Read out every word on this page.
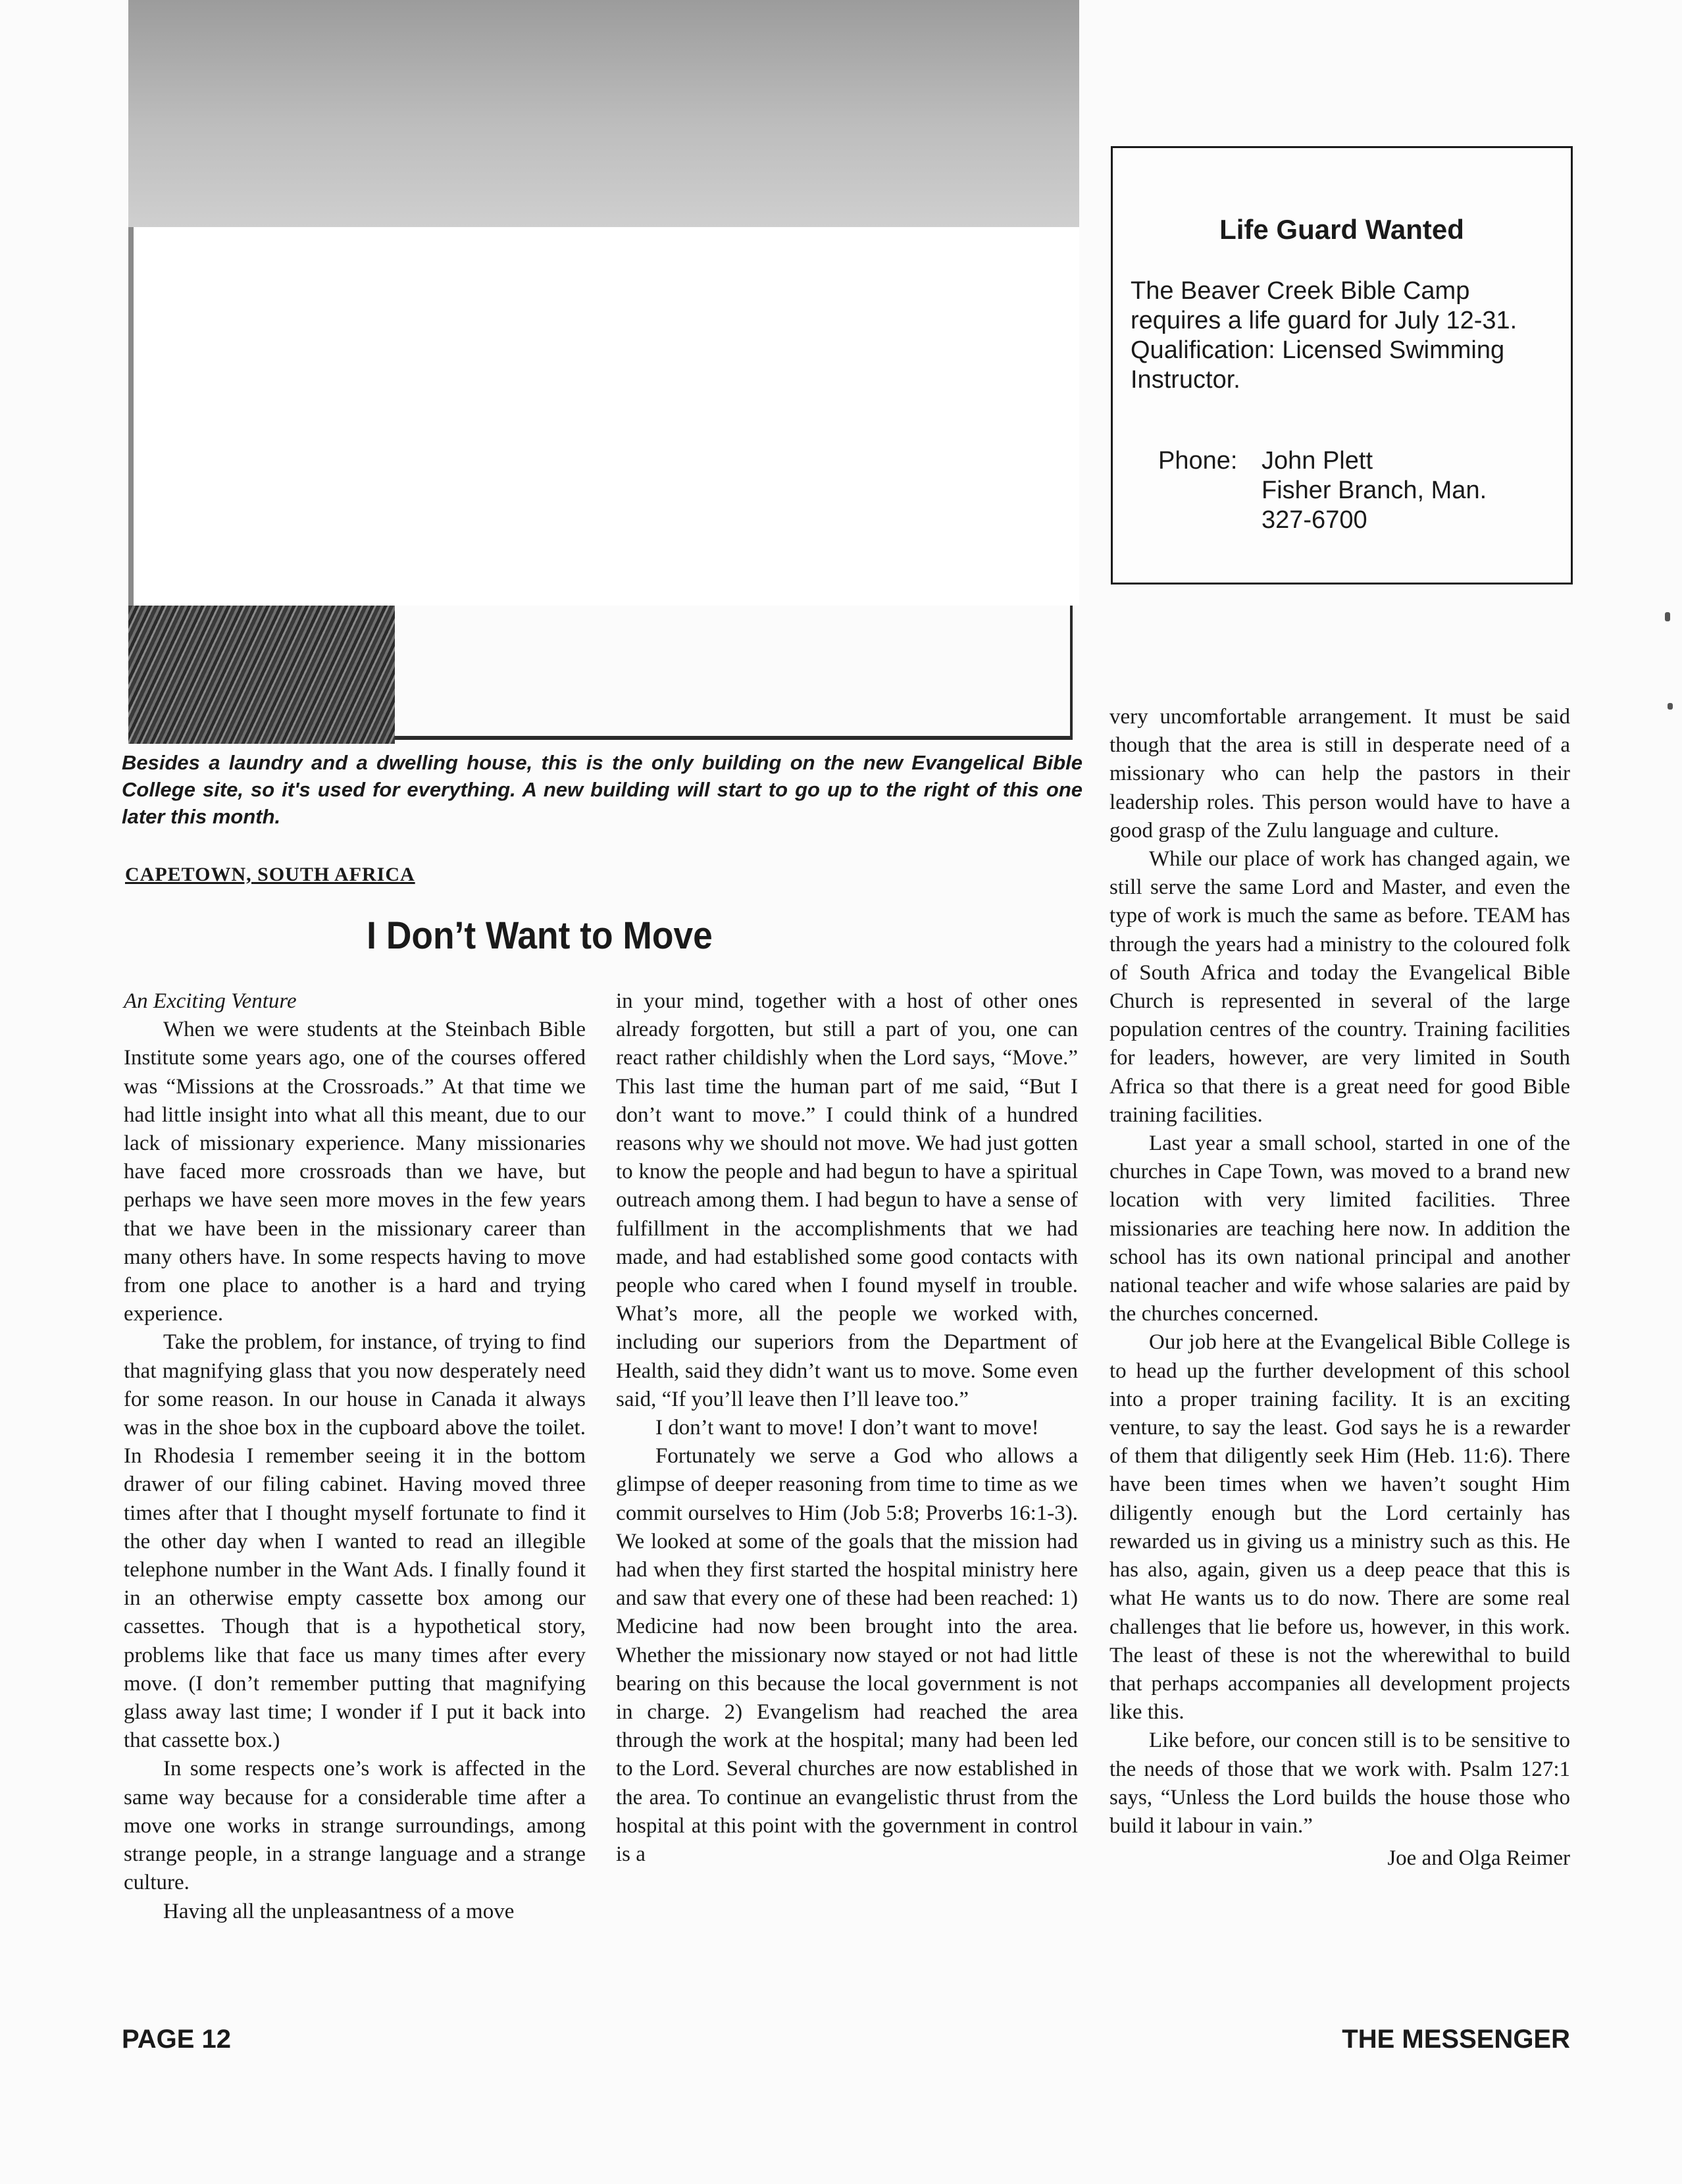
Besides a laundry and a dwelling house, this is the only building on the new Evangelical Bible College site, so it's used for everything. A new building will start to go up to the right of this one later this month.
Life Guard Wanted
The Beaver Creek Bible Camp requires a life guard for July 12-31.
Qualification: Licensed Swimming Instructor.
Phone: John Plett
Fisher Branch, Man.
327-6700
CAPETOWN, SOUTH AFRICA
I Don’t Want to Move

An Exciting Venture

When we were students at the Steinbach Bible Institute some years ago, one of the courses offered was “Missions at the Crossroads.” At that time we had little insight into what all this meant, due to our lack of missionary experience. Many missionaries have faced more crossroads than we have, but perhaps we have seen more moves in the few years that we have been in the missionary career than many others have. In some respects having to move from one place to another is a hard and trying experience.

Take the problem, for instance, of trying to find that magnifying glass that you now desperately need for some reason. In our house in Canada it always was in the shoe box in the cupboard above the toilet. In Rhodesia I remember seeing it in the bottom drawer of our filing cabinet. Having moved three times after that I thought myself fortunate to find it the other day when I wanted to read an illegible telephone number in the Want Ads. I finally found it in an otherwise empty cassette box among our cassettes. Though that is a hypothetical story, problems like that face us many times after every move. (I don’t remember putting that magnifying glass away last time; I wonder if I put it back into that cassette box.)

In some respects one’s work is affected in the same way because for a considerable time after a move one works in strange surroundings, among strange people, in a strange language and a strange culture.

Having all the unpleasantness of a move

in your mind, together with a host of other ones already forgotten, but still a part of you, one can react rather childishly when the Lord says, “Move.” This last time the human part of me said, “But I don’t want to move.” I could think of a hundred reasons why we should not move. We had just gotten to know the people and had begun to have a spiritual outreach among them. I had begun to have a sense of fulfillment in the accomplishments that we had made, and had established some good contacts with people who cared when I found myself in trouble. What’s more, all the people we worked with, including our superiors from the Department of Health, said they didn’t want us to move. Some even said, “If you’ll leave then I’ll leave too.”

I don’t want to move! I don’t want to move!

Fortunately we serve a God who allows a glimpse of deeper reasoning from time to time as we commit ourselves to Him (Job 5:8; Proverbs 16:1-3). We looked at some of the goals that the mission had had when they first started the hospital ministry here and saw that every one of these had been reached: 1) Medicine had now been brought into the area. Whether the missionary now stayed or not had little bearing on this because the local government is not in charge. 2) Evangelism had reached the area through the work at the hospital; many had been led to the Lord. Several churches are now established in the area. To continue an evangelistic thrust from the hospital at this point with the government in control is a

very uncomfortable arrangement. It must be said though that the area is still in desperate need of a missionary who can help the pastors in their leadership roles. This person would have to have a good grasp of the Zulu language and culture.

While our place of work has changed again, we still serve the same Lord and Master, and even the type of work is much the same as before. TEAM has through the years had a ministry to the coloured folk of South Africa and today the Evangelical Bible Church is represented in several of the large population centres of the country. Training facilities for leaders, however, are very limited in South Africa so that there is a great need for good Bible training facilities.

Last year a small school, started in one of the churches in Cape Town, was moved to a brand new location with very limited facilities. Three missionaries are teaching here now. In addition the school has its own national principal and another national teacher and wife whose salaries are paid by the churches concerned.

Our job here at the Evangelical Bible College is to head up the further development of this school into a proper training facility. It is an exciting venture, to say the least. God says he is a rewarder of them that diligently seek Him (Heb. 11:6). There have been times when we haven’t sought Him diligently enough but the Lord certainly has rewarded us in giving us a ministry such as this. He has also, again, given us a deep peace that this is what He wants us to do now. There are some real challenges that lie before us, however, in this work. The least of these is not the wherewithal to build that perhaps accompanies all development projects like this.

Like before, our concen still is to be sensitive to the needs of those that we work with. Psalm 127:1 says, “Unless the Lord builds the house those who build it labour in vain.”

Joe and Olga Reimer

PAGE 12	THE MESSENGER
